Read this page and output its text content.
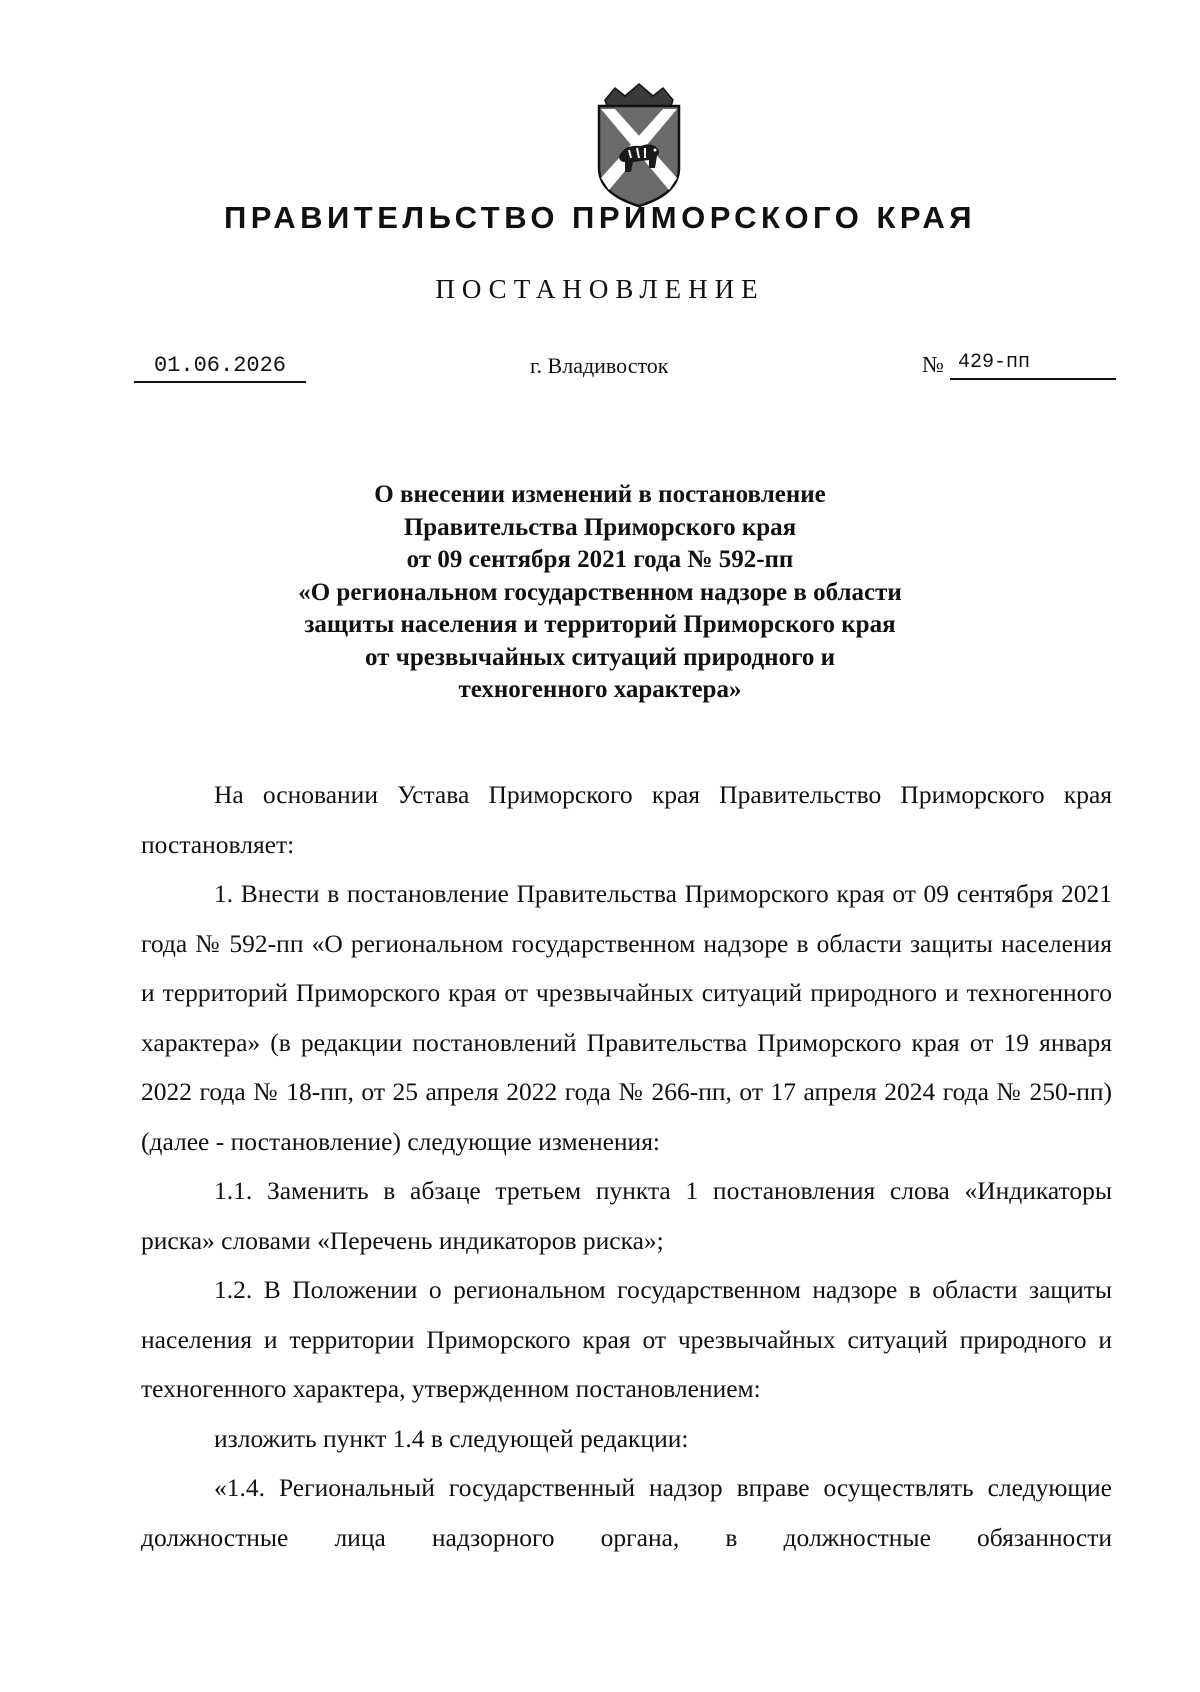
ПРАВИТЕЛЬСТВО ПРИМОРСКОГО КРАЯ
ПОСТАНОВЛЕНИЕ
01.06.2026	г. Владивосток	№ 429-пп
О внесении изменений в постановление
Правительства Приморского края
от 09 сентября 2021 года № 592-пп
«О региональном государственном надзоре в области
защиты населения и территорий Приморского края
от чрезвычайных ситуаций природного и
техногенного характера»

На основании Устава Приморского края Правительство Приморского края постановляет:

1. Внести в постановление Правительства Приморского края от 09 сентября 2021 года № 592-пп «О региональном государственном надзоре в области защиты населения и территорий Приморского края от чрезвычайных ситуаций природного и техногенного характера» (в редакции постановлений Правительства Приморского края от 19 января 2022 года № 18-пп, от 25 апреля 2022 года № 266-пп, от 17 апреля 2024 года № 250-пп) (далее - постановление) следующие изменения:

1.1. Заменить в абзаце третьем пункта 1 постановления слова «Индикаторы риска» словами «Перечень индикаторов риска»;

1.2. В Положении о региональном государственном надзоре в области защиты населения и территории Приморского края от чрезвычайных ситуаций природного и техногенного характера, утвержденном постановлением:

изложить пункт 1.4 в следующей редакции:

«1.4. Региональный государственный надзор вправе осуществлять следующие должностные лица надзорного органа, в должностные обязанности
